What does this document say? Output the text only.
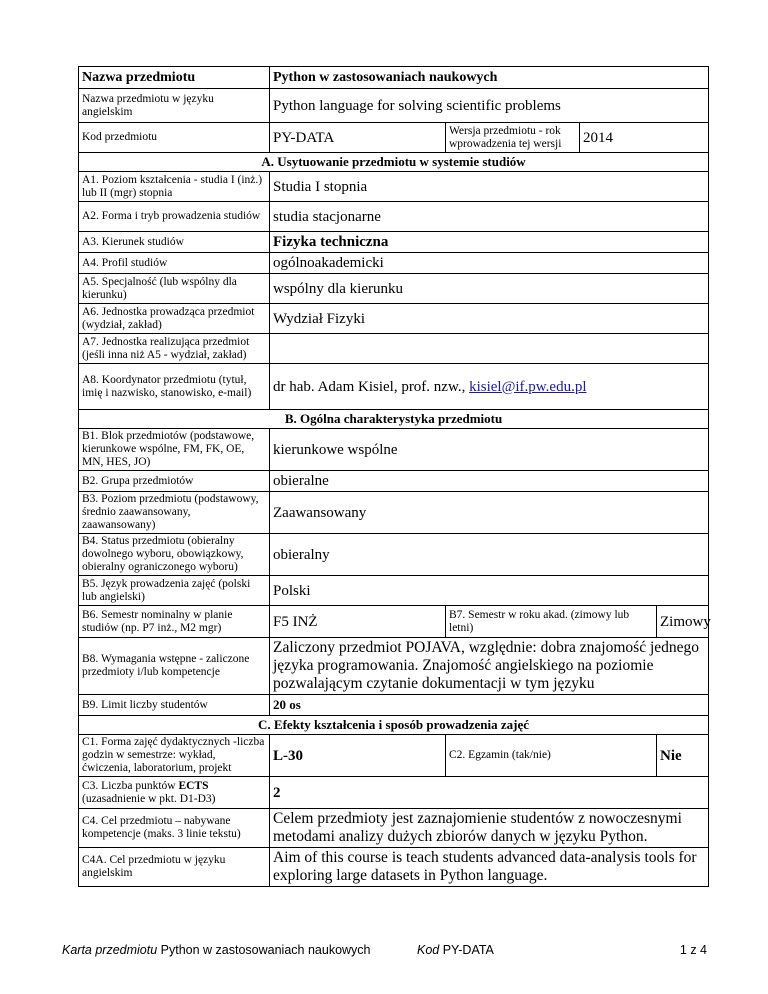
Nazwa przedmiotu	Python w zastosowaniach naukowych			
Nazwa przedmiotu w języku angielskim	Python language for solving scientific problems			
Kod przedmiotu	PY-DATA	Wersja przedmiotu - rok wprowadzenia tej wersji	2014	
A. Usytuowanie przedmiotu w systemie studiów				
A1. Poziom kształcenia - studia I (inż.) lub II (mgr) stopnia	Studia I stopnia			
A2. Forma i tryb prowadzenia studiów	studia stacjonarne			
A3. Kierunek studiów	Fizyka techniczna			
A4. Profil studiów	ogólnoakademicki			
A5. Specjalność (lub wspólny dla kierunku)	wspólny dla kierunku			
A6. Jednostka prowadząca przedmiot (wydział, zakład)	Wydział Fizyki			
A7. Jednostka realizująca przedmiot (jeśli inna niż A5 - wydział, zakład)				
A8. Koordynator przedmiotu (tytuł, imię i nazwisko, stanowisko, e-mail)	dr hab. Adam Kisiel, prof. nzw., kisiel@if.pw.edu.pl			
B. Ogólna charakterystyka przedmiotu				
B1. Blok przedmiotów (podstawowe, kierunkowe wspólne, FM, FK, OE, MN, HES, JO)	kierunkowe wspólne			
B2. Grupa przedmiotów	obieralne			
B3. Poziom przedmiotu (podstawowy, średnio zaawansowany, zaawansowany)	Zaawansowany			
B4. Status przedmiotu (obieralny dowolnego wyboru, obowiązkowy, obieralny ograniczonego wyboru)	obieralny			
B5. Język prowadzenia zajęć (polski lub angielski)	Polski			
B6. Semestr nominalny w planie studiów (np. P7 inż., M2 mgr)	F5 INŻ	B7. Semestr w roku akad. (zimowy lub letni)		Zimowy
B8. Wymagania wstępne - zaliczone przedmioty i/lub kompetencje	Zaliczony przedmiot POJAVA, względnie: dobra znajomość jednego języka programowania. Znajomość angielskiego na poziomie pozwalającym czytanie dokumentacji w tym języku			
B9. Limit liczby studentów	20 os			
C. Efekty kształcenia i sposób prowadzenia zajęć				
C1. Forma zajęć dydaktycznych -liczba godzin w semestrze: wykład, ćwiczenia, laboratorium, projekt	L-30	C2. Egzamin (tak/nie)		Nie
C3. Liczba punktów ECTS (uzasadnienie w pkt. D1-D3)	2			
C4. Cel przedmiotu – nabywane kompetencje (maks. 3 linie tekstu)	Celem przedmioty jest zaznajomienie studentów z nowoczesnymi metodami analizy dużych zbiorów danych w języku Python.			
C4A. Cel przedmiotu w języku angielskim	Aim of this course is teach students advanced data-analysis tools for exploring large datasets in Python language.			
Karta przedmiotu Python w zastosowaniach naukowych	Kod PY-DATA	1 z 4
